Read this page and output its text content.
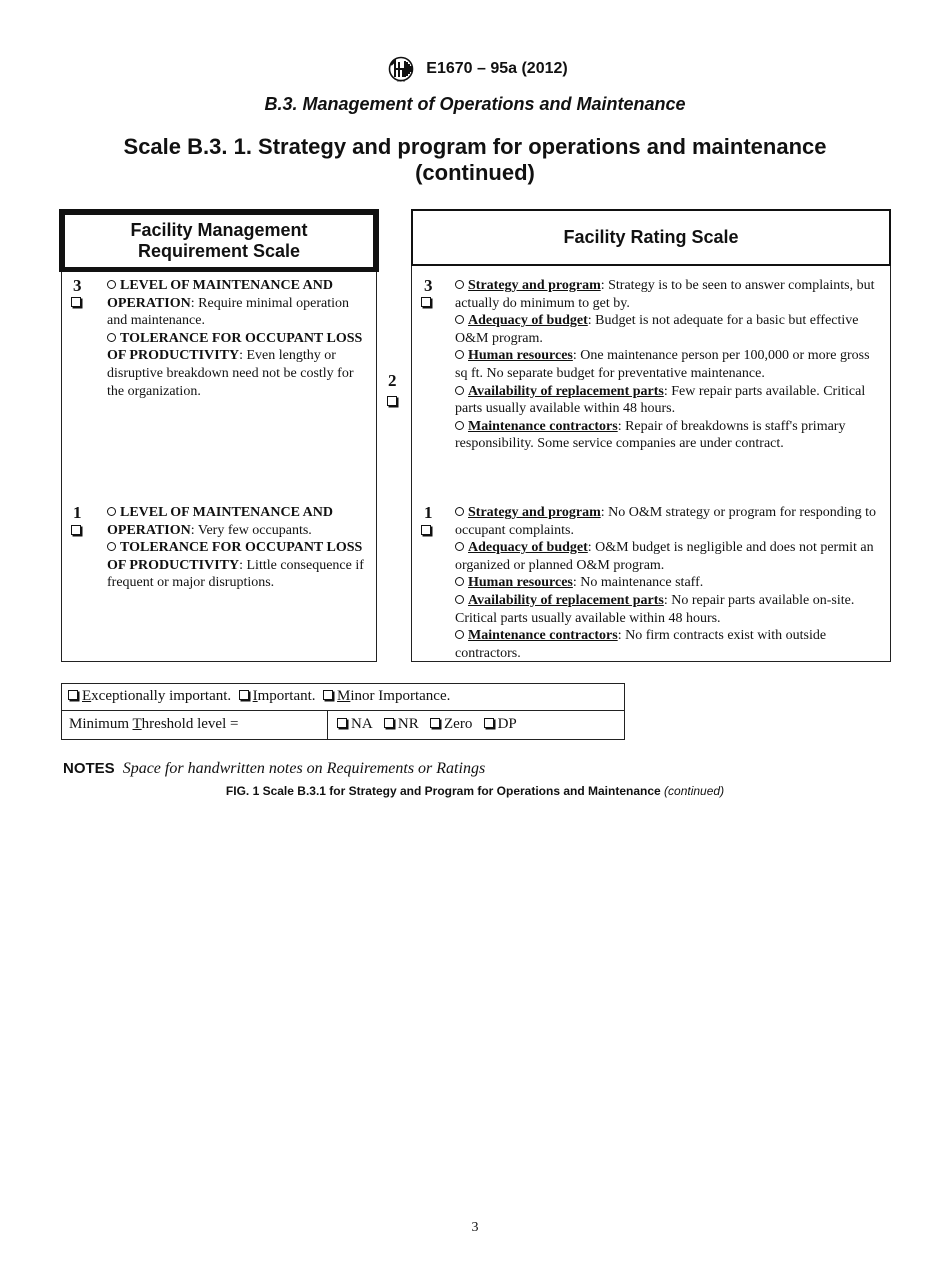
ASTM
E1670 – 95a (2012)
B.3. Management of Operations and Maintenance
Scale B.3. 1. Strategy and program for operations and maintenance
(continued)
Facility Management
Requirement Scale
3	LEVEL OF MAINTENANCE AND OPERATION: Require minimal operation and maintenance.
TOLERANCE FOR OCCUPANT LOSS OF PRODUCTIVITY: Even lengthy or disruptive breakdown need not be costly for the organization.
1	LEVEL OF MAINTENANCE AND OPERATION: Very few occupants.
TOLERANCE FOR OCCUPANT LOSS OF PRODUCTIVITY: Little consequence if frequent or major disruptions.
2
Facility Rating Scale
3	Strategy and program: Strategy is to be seen to answer complaints, but actually do minimum to get by.
Adequacy of budget: Budget is not adequate for a basic but effective O&M program.
Human resources: One maintenance person per 100,000 or more gross sq ft. No separate budget for preventative maintenance.
Availability of replacement parts: Few repair parts available. Critical parts usually available within 48 hours.
Maintenance contractors: Repair of breakdowns is staff's primary responsibility. Some service companies are under contract.
1	Strategy and program: No O&M strategy or program for responding to occupant complaints.
Adequacy of budget: O&M budget is negligible and does not permit an organized or planned O&M program.
Human resources: No maintenance staff.
Availability of replacement parts: No repair parts available on-site. Critical parts usually available within 48 hours.
Maintenance contractors: No firm contracts exist with outside contractors.
Exceptionally important. Important. Minor Importance.
Minimum Threshold level =	NA NR Zero DP
NOTES Space for handwritten notes on Requirements or Ratings
FIG. 1 Scale B.3.1 for Strategy and Program for Operations and Maintenance (continued)
3
